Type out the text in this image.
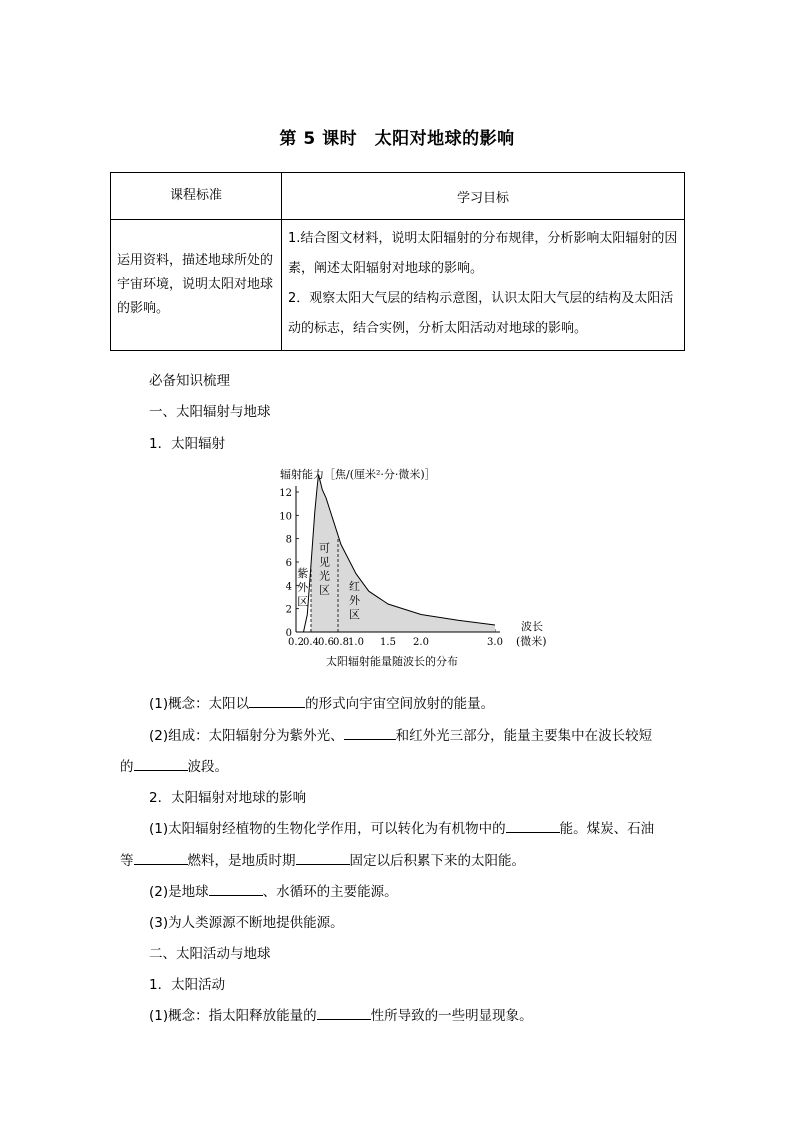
第 5 课时　太阳对地球的影响
课程标准	学习目标
运用资料，描述地球所处的宇宙环境，说明太阳对地球的影响。	1.结合图文材料，说明太阳辐射的分布规律，分析影响太阳辐射的因素，阐述太阳辐射对地球的影响。
2．观察太阳大气层的结构示意图，认识太阳大气层的结构及太阳活动的标志，结合实例，分析太阳活动对地球的影响。
必备知识梳理
一、太阳辐射与地球
1．太阳辐射
辐射能力［焦/(厘米²·分·微米)］
0
2
4
6
8
10
12
0.2 0.4 0.6 0.8 1.0 1.5 2.0	3.0
紫
外
区
可
见
光
区 红
外
区
波长
(微米)
太阳辐射能量随波长的分布
(1)概念：太阳以	的形式向宇宙空间放射的能量。
(2)组成：太阳辐射分为紫外光、	和红外光三部分，能量主要集中在波长较短
的	波段。
2．太阳辐射对地球的影响
(1)太阳辐射经植物的生物化学作用，可以转化为有机物中的	能。煤炭、石油
等	燃料，是地质时期	固定以后积累下来的太阳能。
(2)是地球	、水循环的主要能源。
(3)为人类源源不断地提供能源。
二、太阳活动与地球
1．太阳活动
(1)概念：指太阳释放能量的	性所导致的一些明显现象。
